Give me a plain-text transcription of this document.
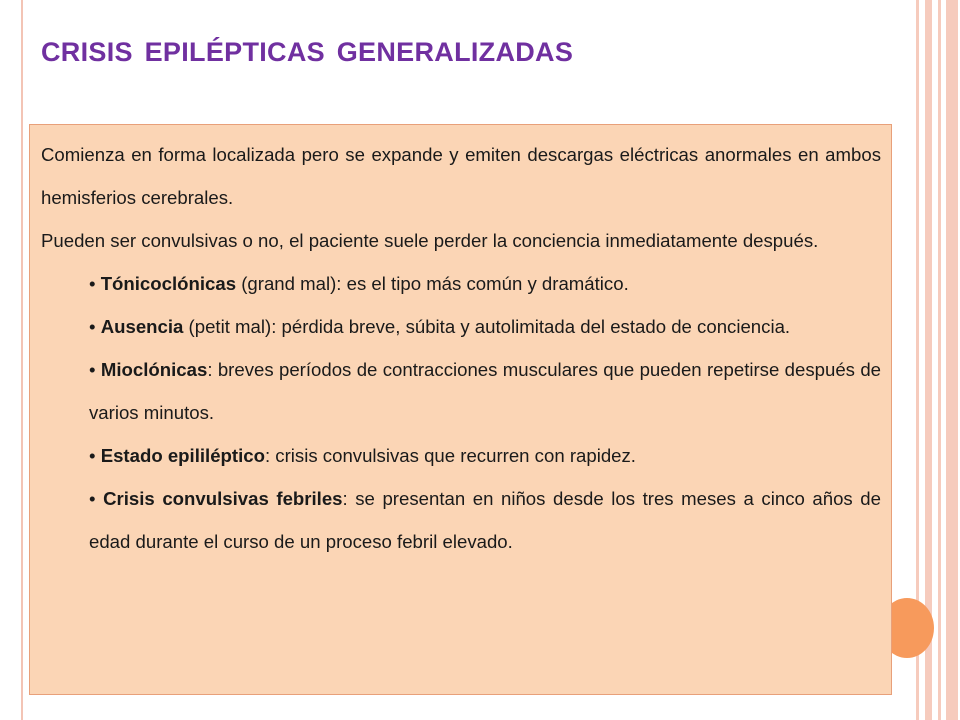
CRISIS EPILÉPTICAS GENERALIZADAS

Comienza en forma localizada pero se expande y emiten descargas eléctricas anormales en ambos hemisferios cerebrales.

Pueden ser convulsivas o no, el paciente suele perder la conciencia inmediatamente después.

• Tónicoclónicas (grand mal): es el tipo más común y dramático.

• Ausencia (petit mal): pérdida breve, súbita y autolimitada del estado de conciencia.

• Mioclónicas: breves períodos de contracciones musculares que pueden repetirse después de varios minutos.

• Estado epililéptico: crisis convulsivas que recurren con rapidez.

• Crisis convulsivas febriles: se presentan en niños desde los tres meses a cinco años de edad durante el curso de un proceso febril elevado.
